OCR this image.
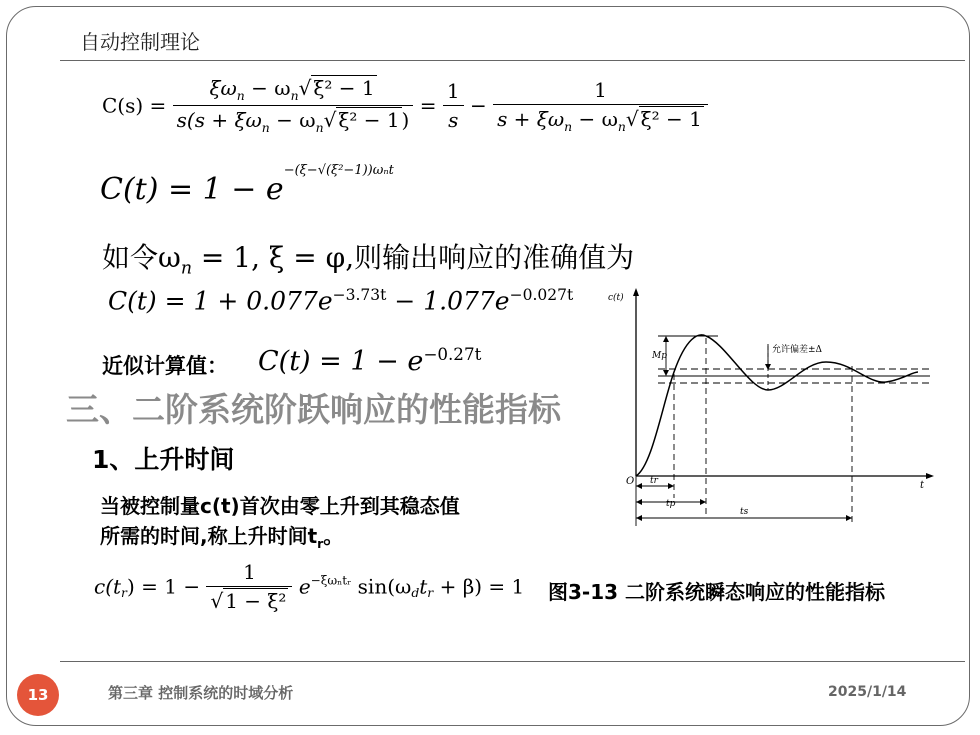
自动控制理论
$C(s) = \frac{\xi\omega_n - \omega_n√ \xi^2 - 1}{s(s + \xi\omega_n - \omega_n√ \xi^2 - 1 )} = \frac{1}{s} - \frac{1}{s + \xi\omega_n - \omega_n√ \xi^2 - 1}$
$C(t) = 1 - e^{-(\xi-√(\xi^2-1))\omega_nt}$
如令$\omega_n = 1$, ξ = φ,则输出响应的准确值为
$C(t) = 1 + 0.077e^{-3.73t} - 1.077e^{-0.027t}$
近似计算值： $C(t) = 1 - e^{-0.27t}$
三、二阶系统阶跃响应的性能指标
1、上升时间
当被控制量c(t)首次由零上升到其稳态值
所需的时间,称上升时间$t_r$。
$c(t_r) = 1 - \frac{1}{\text{√ 1 − ξ²}} e^{-\xi\omega_ntᵣ}$ $\sin(\omega_dt_r + \beta) = 1$
c(t)
t
O
Mp
允许偏差±Δ
tr
tp
ts
图3-13 二阶系统瞬态响应的性能指标
13	第三章 控制系统的时域分析	2025/1/14
